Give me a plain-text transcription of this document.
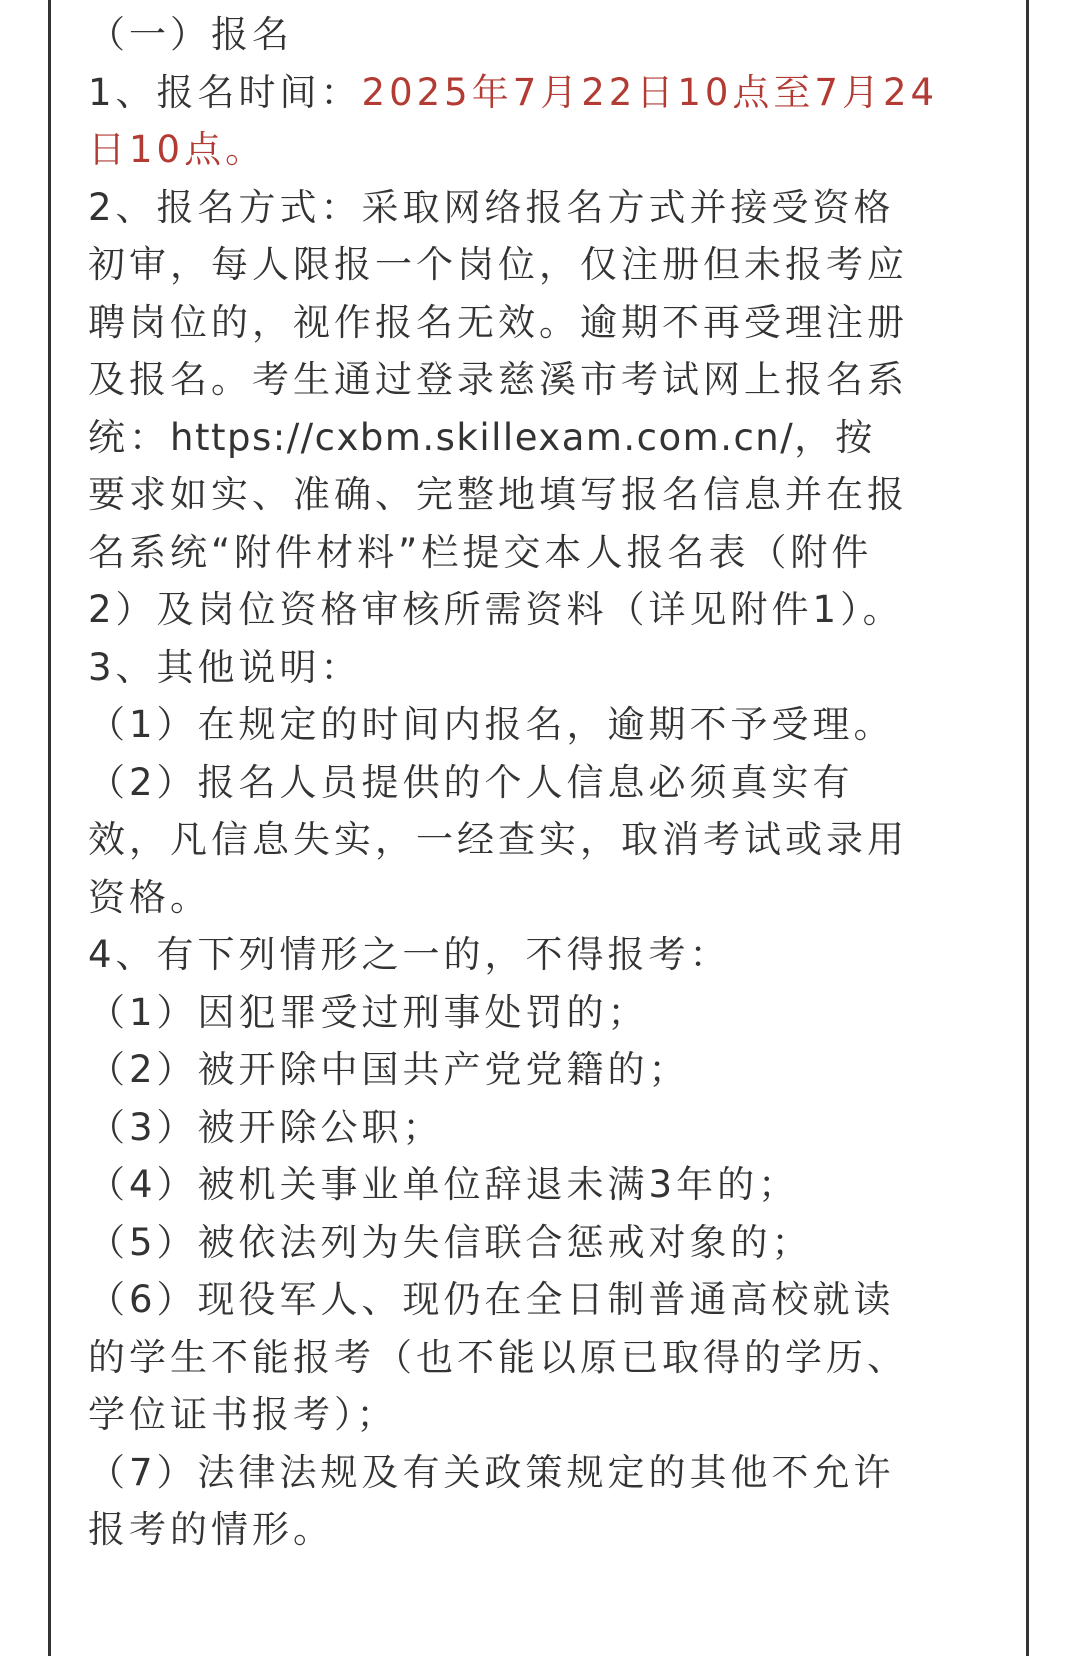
（一）报名
1、报名时间：2025年7月22日10点至7月24
日10点。
2、报名方式：采取网络报名方式并接受资格
初审，每人限报一个岗位，仅注册但未报考应
聘岗位的，视作报名无效。逾期不再受理注册
及报名。考生通过登录慈溪市考试网上报名系
统：https://cxbm.skillexam.com.cn/，按
要求如实、准确、完整地填写报名信息并在报
名系统“附件材料”栏提交本人报名表（附件
2）及岗位资格审核所需资料（详见附件1）。
3、其他说明：
（1）在规定的时间内报名，逾期不予受理。
（2）报名人员提供的个人信息必须真实有
效，凡信息失实，一经查实，取消考试或录用
资格。
4、有下列情形之一的，不得报考：
（1）因犯罪受过刑事处罚的；
（2）被开除中国共产党党籍的；
（3）被开除公职；
（4）被机关事业单位辞退未满3年的；
（5）被依法列为失信联合惩戒对象的；
（6）现役军人、现仍在全日制普通高校就读
的学生不能报考（也不能以原已取得的学历、
学位证书报考）；
（7）法律法规及有关政策规定的其他不允许
报考的情形。
